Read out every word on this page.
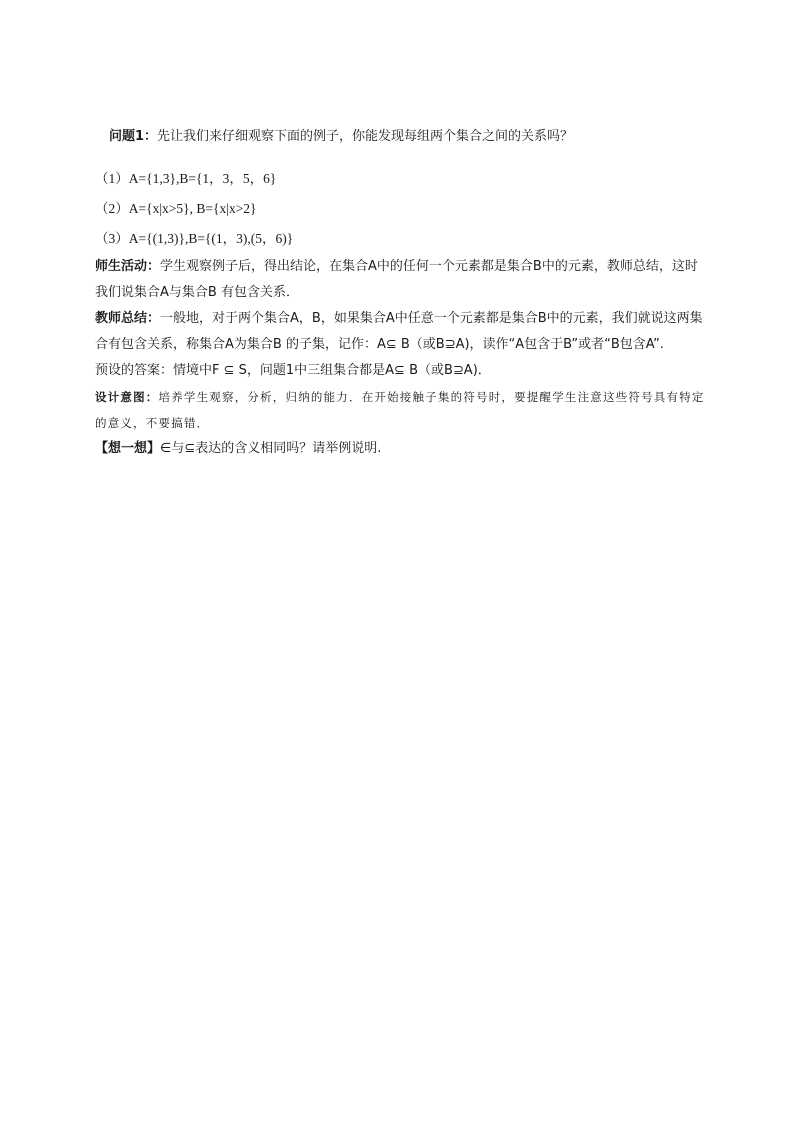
问题1：先让我们来仔细观察下面的例子，你能发现每组两个集合之间的关系吗？

（1）A={1,3},B={1，3，5，6}
（2）A={x|x>5}, B={x|x>2}
（3）A={(1,3)},B={(1，3),(5，6)}

师生活动：学生观察例子后，得出结论，在集合A中的任何一个元素都是集合B中的元素，教师总结，这时我们说集合A与集合B 有包含关系．

教师总结：一般地，对于两个集合A，B，如果集合A中任意一个元素都是集合B中的元素，我们就说这两集合有包含关系，称集合A为集合B 的子集，记作：A⊆ B（或B⊇A)，读作“A包含于B”或者“B包含A”.

预设的答案：情境中F ⊆ S，问题1中三组集合都是A⊆ B（或B⊇A)．

设计意图：培养学生观察，分析，归纳的能力．在开始接触子集的符号时，要提醒学生注意这些符号具有特定的意义，不要搞错．

【想一想】∈与⊆表达的含义相同吗？请举例说明.
